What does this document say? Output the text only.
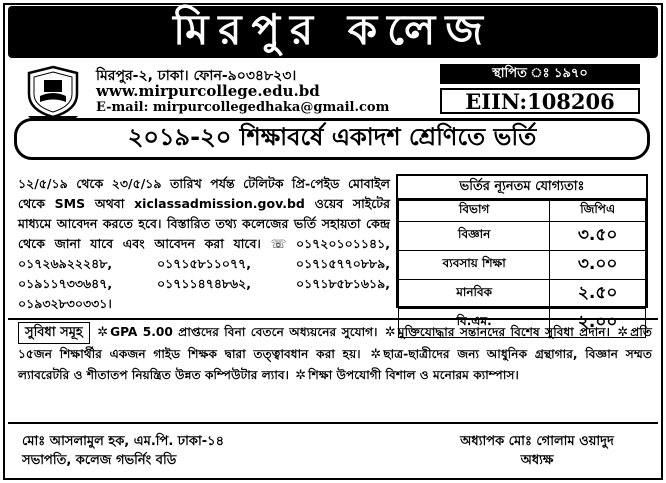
মিরপুর কলেজ
মিরপুর-২, ঢাকা। ফোন-৯০৩৪৮২৩।
www.mirpurcollege.edu.bd
E-mail: mirpurcollegedhaka@gmail.com
স্থাপিত ঃ ১৯৭০
EIIN:108206
২০১৯-২০ শিক্ষাবর্ষে একাদশ শ্রেণিতে ভর্তি
১২/৫/১৯ থেকে ২৩/৫/১৯ তারিখ পর্যন্ত টেলিটক প্রি-পেইড মোবাইল থেকে SMS অথবা xiclassadmission.gov.bd ওয়েব সাইটের মাধ্যমে আবেদন করতে হবে। বিস্তারিত তথ্য কলেজের ভর্তি সহায়তা কেন্দ্র থেকে জানা যাবে এবং আবেদন করা যাবে। ☏ ০১৭২০১০১১৪১, ০১৭২৬৯২২২৪৮, ০১৭১৫৮১১০৭৭, ০১৭১৫৭৭০৮৮৯, ০১৯১১৭৩৩৬৪৭, ০১৭১১৪৭৪৮৬২, ০১৭১৮৫৮১৬১৯, ০১৯৩২৮৩০৩৩১।
ভর্তির ন্যূনতম যোগ্যতাঃ
বিভাগ	জিপিএ
বিজ্ঞান	৩.৫০
ব্যবসায় শিক্ষা	৩.০০
মানবিক	২.৫০
বি.এম.	২.০০
সুবিধা সমূহ ✲ GPA 5.00 প্রাপ্তদের বিনা বেতনে অধ্যয়নের সুযোগ। ✲ মুক্তিযোদ্ধার সন্তানদের বিশেষ সুবিধা প্রদান। ✲ প্রতি ১৫জন শিক্ষার্থীর একজন গাইড শিক্ষক দ্বারা তত্ত্বাবধান করা হয়। ✲ ছাত্র-ছাত্রীদের জন্য আধুনিক গ্রন্থাগার, বিজ্ঞান সম্মত ল্যাবরেটরি ও শীতাতপ নিয়ন্ত্রিত উন্নত কম্পিউটার ল্যাব। ✲ শিক্ষা উপযোগী বিশাল ও মনোরম ক্যাম্পাস।
মোঃ আসলামুল হক, এম.পি. ঢাকা-১৪
সভাপতি, কলেজ গভর্নিং বডি
অধ্যাপক মোঃ গোলাম ওয়াদুদ
অধ্যক্ষ
